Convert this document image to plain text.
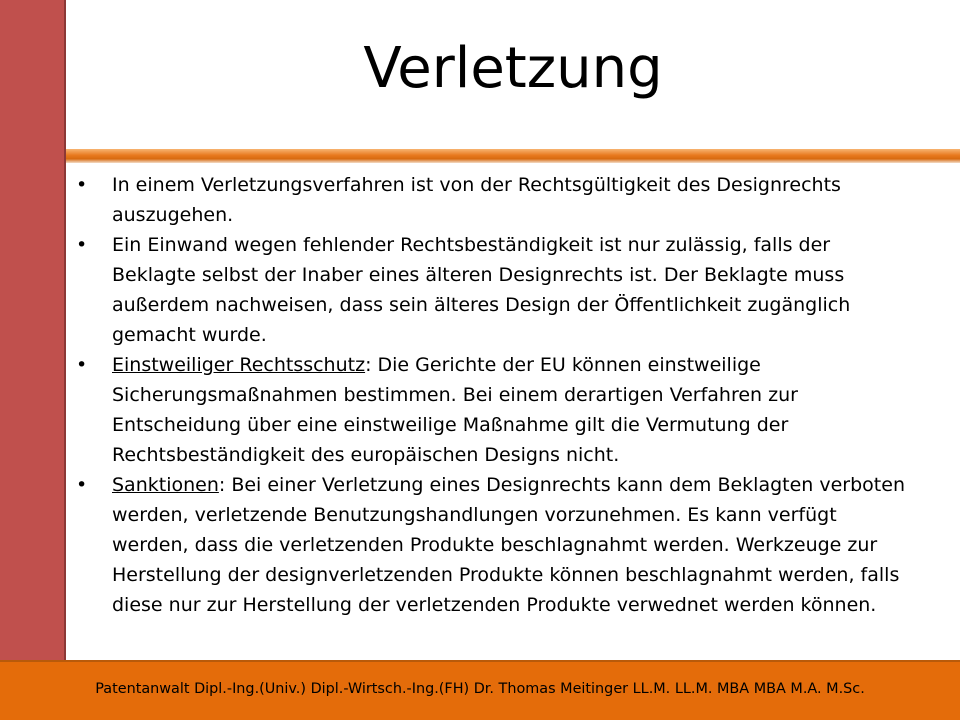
Verletzung

• In einem Verletzungsverfahren ist von der Rechtsgültigkeit des Designrechts auszugehen.

• Ein Einwand wegen fehlender Rechtsbeständigkeit ist nur zulässig, falls der Beklagte selbst der Inaber eines älteren Designrechts ist. Der Beklagte muss außerdem nachweisen, dass sein älteres Design der Öffentlichkeit zugänglich gemacht wurde.

• Einstweiliger Rechtsschutz: Die Gerichte der EU können einstweilige Sicherungsmaßnahmen bestimmen. Bei einem derartigen Verfahren zur Entscheidung über eine einstweilige Maßnahme gilt die Vermutung der Rechtsbeständigkeit des europäischen Designs nicht.

• Sanktionen: Bei einer Verletzung eines Designrechts kann dem Beklagten verboten werden, verletzende Benutzungshandlungen vorzunehmen. Es kann verfügt werden, dass die verletzenden Produkte beschlagnahmt werden. Werkzeuge zur Herstellung der designverletzenden Produkte können beschlagnahmt werden, falls diese nur zur Herstellung der verletzenden Produkte verwednet werden können.

Patentanwalt Dipl.-Ing.(Univ.) Dipl.-Wirtsch.-Ing.(FH) Dr. Thomas Meitinger LL.M. LL.M. MBA MBA M.A. M.Sc.
